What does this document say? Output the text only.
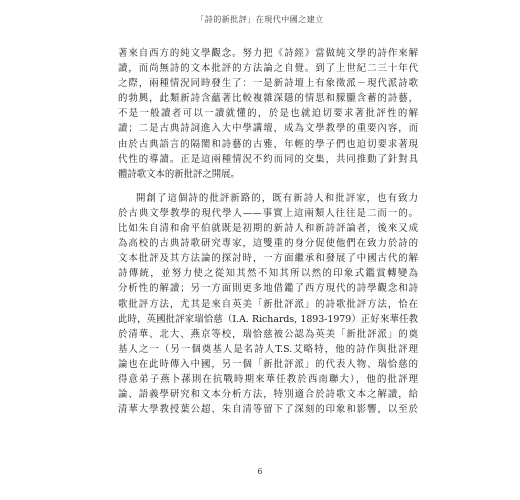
「詩的新批評」在現代中國之建立
著來自西方的純文學觀念。努力把《詩經》當做純文學的詩作來解
讀，而尚無詩的文本批評的方法論之自覺。到了上世紀二三十年代
之際，兩種情況同時發生了：一是新詩壇上有象徵派－現代派詩歌
的勃興，此類新詩含蘊著比較複雜深隱的情思和朦朧含蓄的詩藝，
不是一般讀者可以一讀就懂的，於是也就迫切要求著批評性的解
讀；二是古典詩詞進入大中學講壇，成為文學教學的重要內容，而
由於古典語言的隔閡和詩藝的古雅，年輕的學子們也迫切要求著現
代性的導讀。正是這兩種情況不約而同的交集，共同推動了針對具
體詩歌文本的新批評之開展。
開創了這個詩的批評新路的，既有新詩人和批評家，也有致力
於古典文學教學的現代學人——事實上這兩類人往往是二而一的。
比如朱自清和俞平伯就既是初期的新詩人和新詩評論者，後來又成
為高校的古典詩歌研究專家，這雙重的身分促使他們在致力於詩的
文本批評及其方法論的探討時，一方面繼承和發展了中國古代的解
詩傳統，並努力使之從知其然不知其所以然的印象式鑑賞轉變為
分析性的解讀；另一方面則更多地借鑑了西方現代的詩學觀念和詩
歌批評方法，尤其是來自英美「新批評派」的詩歌批評方法，恰在
此時，英國批評家瑞恰慈（I.A. Richards, 1893-1979）正好來華任教
於清華、北大、燕京等校，瑞恰慈被公認為英美「新批評派」的奠
基人之一（另一個奠基人是名詩人T.S.艾略特，他的詩作與批評理
論也在此時傳入中國，另一個「新批評派」的代表人物、瑞恰慈的
得意弟子燕卜蓀則在抗戰時期來華任教於西南聯大），他的批評理
論、語義學研究和文本分析方法，特別適合於詩歌文本之解讀，給
清華大學教授葉公超、朱自清等留下了深刻的印象和影響，以至於
6
